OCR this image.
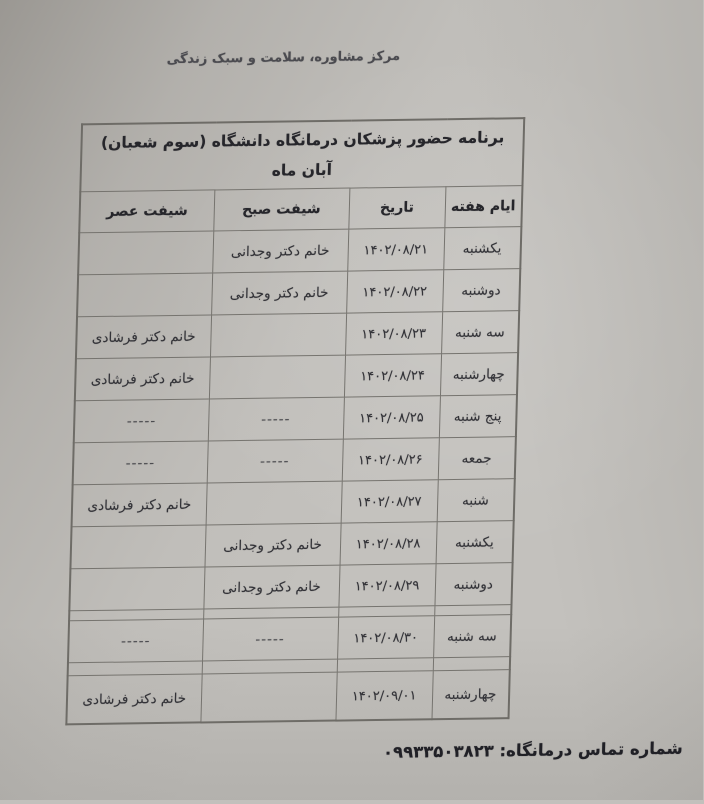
مرکز مشاوره، سلامت و سبک زندگی
برنامه حضور پزشکان درمانگاه دانشگاه (سوم شعبان)
آبان ماه			
ایام هفته	تاریخ	شیفت صبح	شیفت عصر
یکشنبه	۱۴۰۲/۰۸/۲۱	خانم دکتر وجدانی	
دوشنبه	۱۴۰۲/۰۸/۲۲	خانم دکتر وجدانی	
سه شنبه	۱۴۰۲/۰۸/۲۳		خانم دکتر فرشادی
چهارشنبه	۱۴۰۲/۰۸/۲۴		خانم دکتر فرشادی
پنج شنبه	۱۴۰۲/۰۸/۲۵	-----	-----
جمعه	۱۴۰۲/۰۸/۲۶	-----	-----
شنبه	۱۴۰۲/۰۸/۲۷		خانم دکتر فرشادی
یکشنبه	۱۴۰۲/۰۸/۲۸	خانم دکتر وجدانی	
دوشنبه	۱۴۰۲/۰۸/۲۹	خانم دکتر وجدانی	

سه شنبه	۱۴۰۲/۰۸/۳۰	-----	-----

چهارشنبه	۱۴۰۲/۰۹/۰۱		خانم دکتر فرشادی
شماره تماس درمانگاه: ۰۹۹۳۳۵۰۳۸۲۳
